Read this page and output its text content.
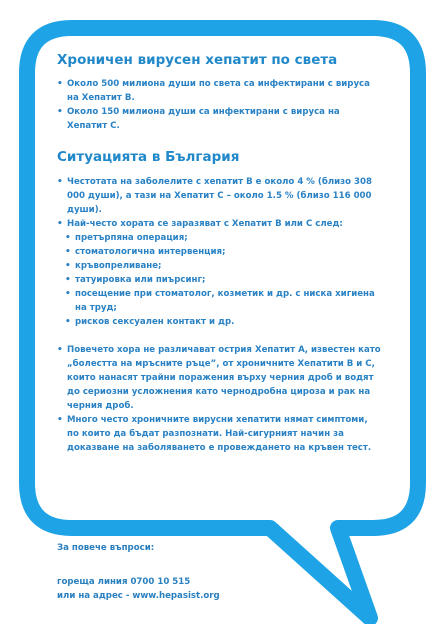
Хроничен вирусен хепатит по света
• Около 500 милиона души по света са инфектирани с вируса на Хепатит В.
• Около 150 милиона души са инфектирани с вируса на Хепатит С.
Ситуацията в България
• Честотата на заболелите с хепатит В е около 4 % (близо 308 000 души), а тази на Хепатит С – около 1.5 % (близо 116 000 души).
• Най-често хората се заразяват с Хепатит В или С след:
• претърпяна операция;
• стоматологична интервенция;
• кръвопреливане;
• татуировка или пиърсинг;
• посещение при стоматолог, козметик и др. с ниска хигиена на труд;
• рисков сексуален контакт и др.
• Повечето хора не различават острия Хепатит А, известен като „болестта на мръсните ръце”, от хроничните Хепатити В и С, които нанасят трайни поражения върху черния дроб и водят до сериозни усложнения като чернодробна цироза и рак на черния дроб.
• Много често хроничните вирусни хепатити нямат симптоми, по които да бъдат разпознати. Най-сигурният начин за доказване на заболяването е провеждането на кръвен тест.
За повече въпроси:
гореща линия 0700 10 515
или на адрес - www.hepasist.org
